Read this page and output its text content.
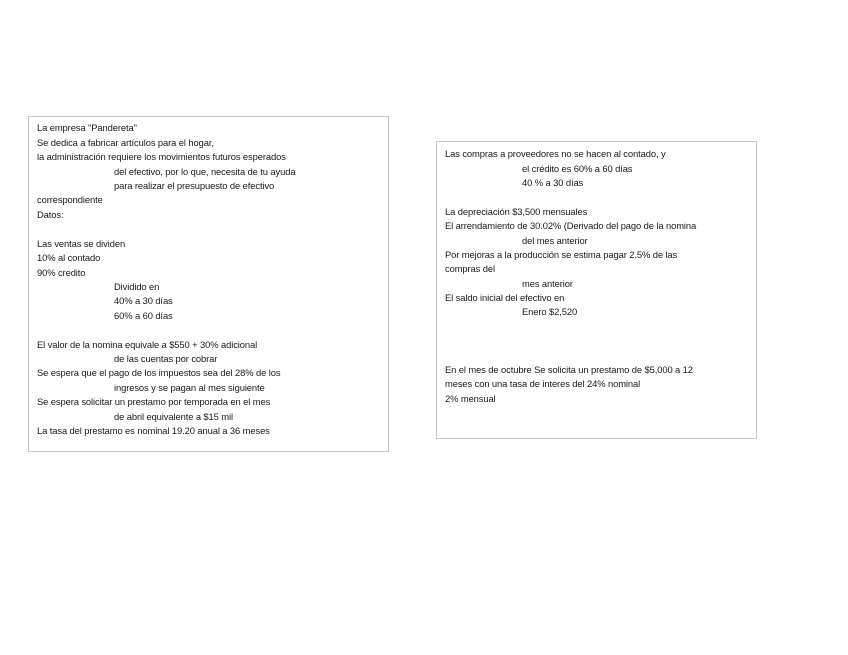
La empresa "Pandereta"
Se dedica a fabricar artículos para el hogar,
la administración requiere los movimientos futuros esperados
del efectivo, por lo que, necesita de tu ayuda
para realizar el presupuesto de efectivo
correspondiente
Datos:
Las ventas se dividen
10% al contado
90% credito
Dividido en
40% a 30 días
60% a 60 días
El valor de la nomina equivale a $550 + 30% adicional
de las cuentas por cobrar
Se espera que el pago de los impuestos sea del 28% de los
ingresos y se pagan al mes siguiente
Se espera solicitar un prestamo por temporada en el mes
de abril equivalente a $15 mil
La tasa del prestamo es nominal 19.20 anual a 36 meses
Las compras a proveedores no se hacen al contado, y
el crédito es 60% a 60 días
40 % a 30 días
La depreciación $3,500 mensuales
El arrendamiento de 30.02% (Derivado del pago de la nomina
del mes anterior
Por mejoras a la producción se estima pagar 2.5% de las
compras del
mes anterior
El saldo inicial del efectivo en
Enero $2,520
En el mes de octubre Se solicita un prestamo de $5,000 a 12
meses con una tasa de interes del 24% nominal
2% mensual
